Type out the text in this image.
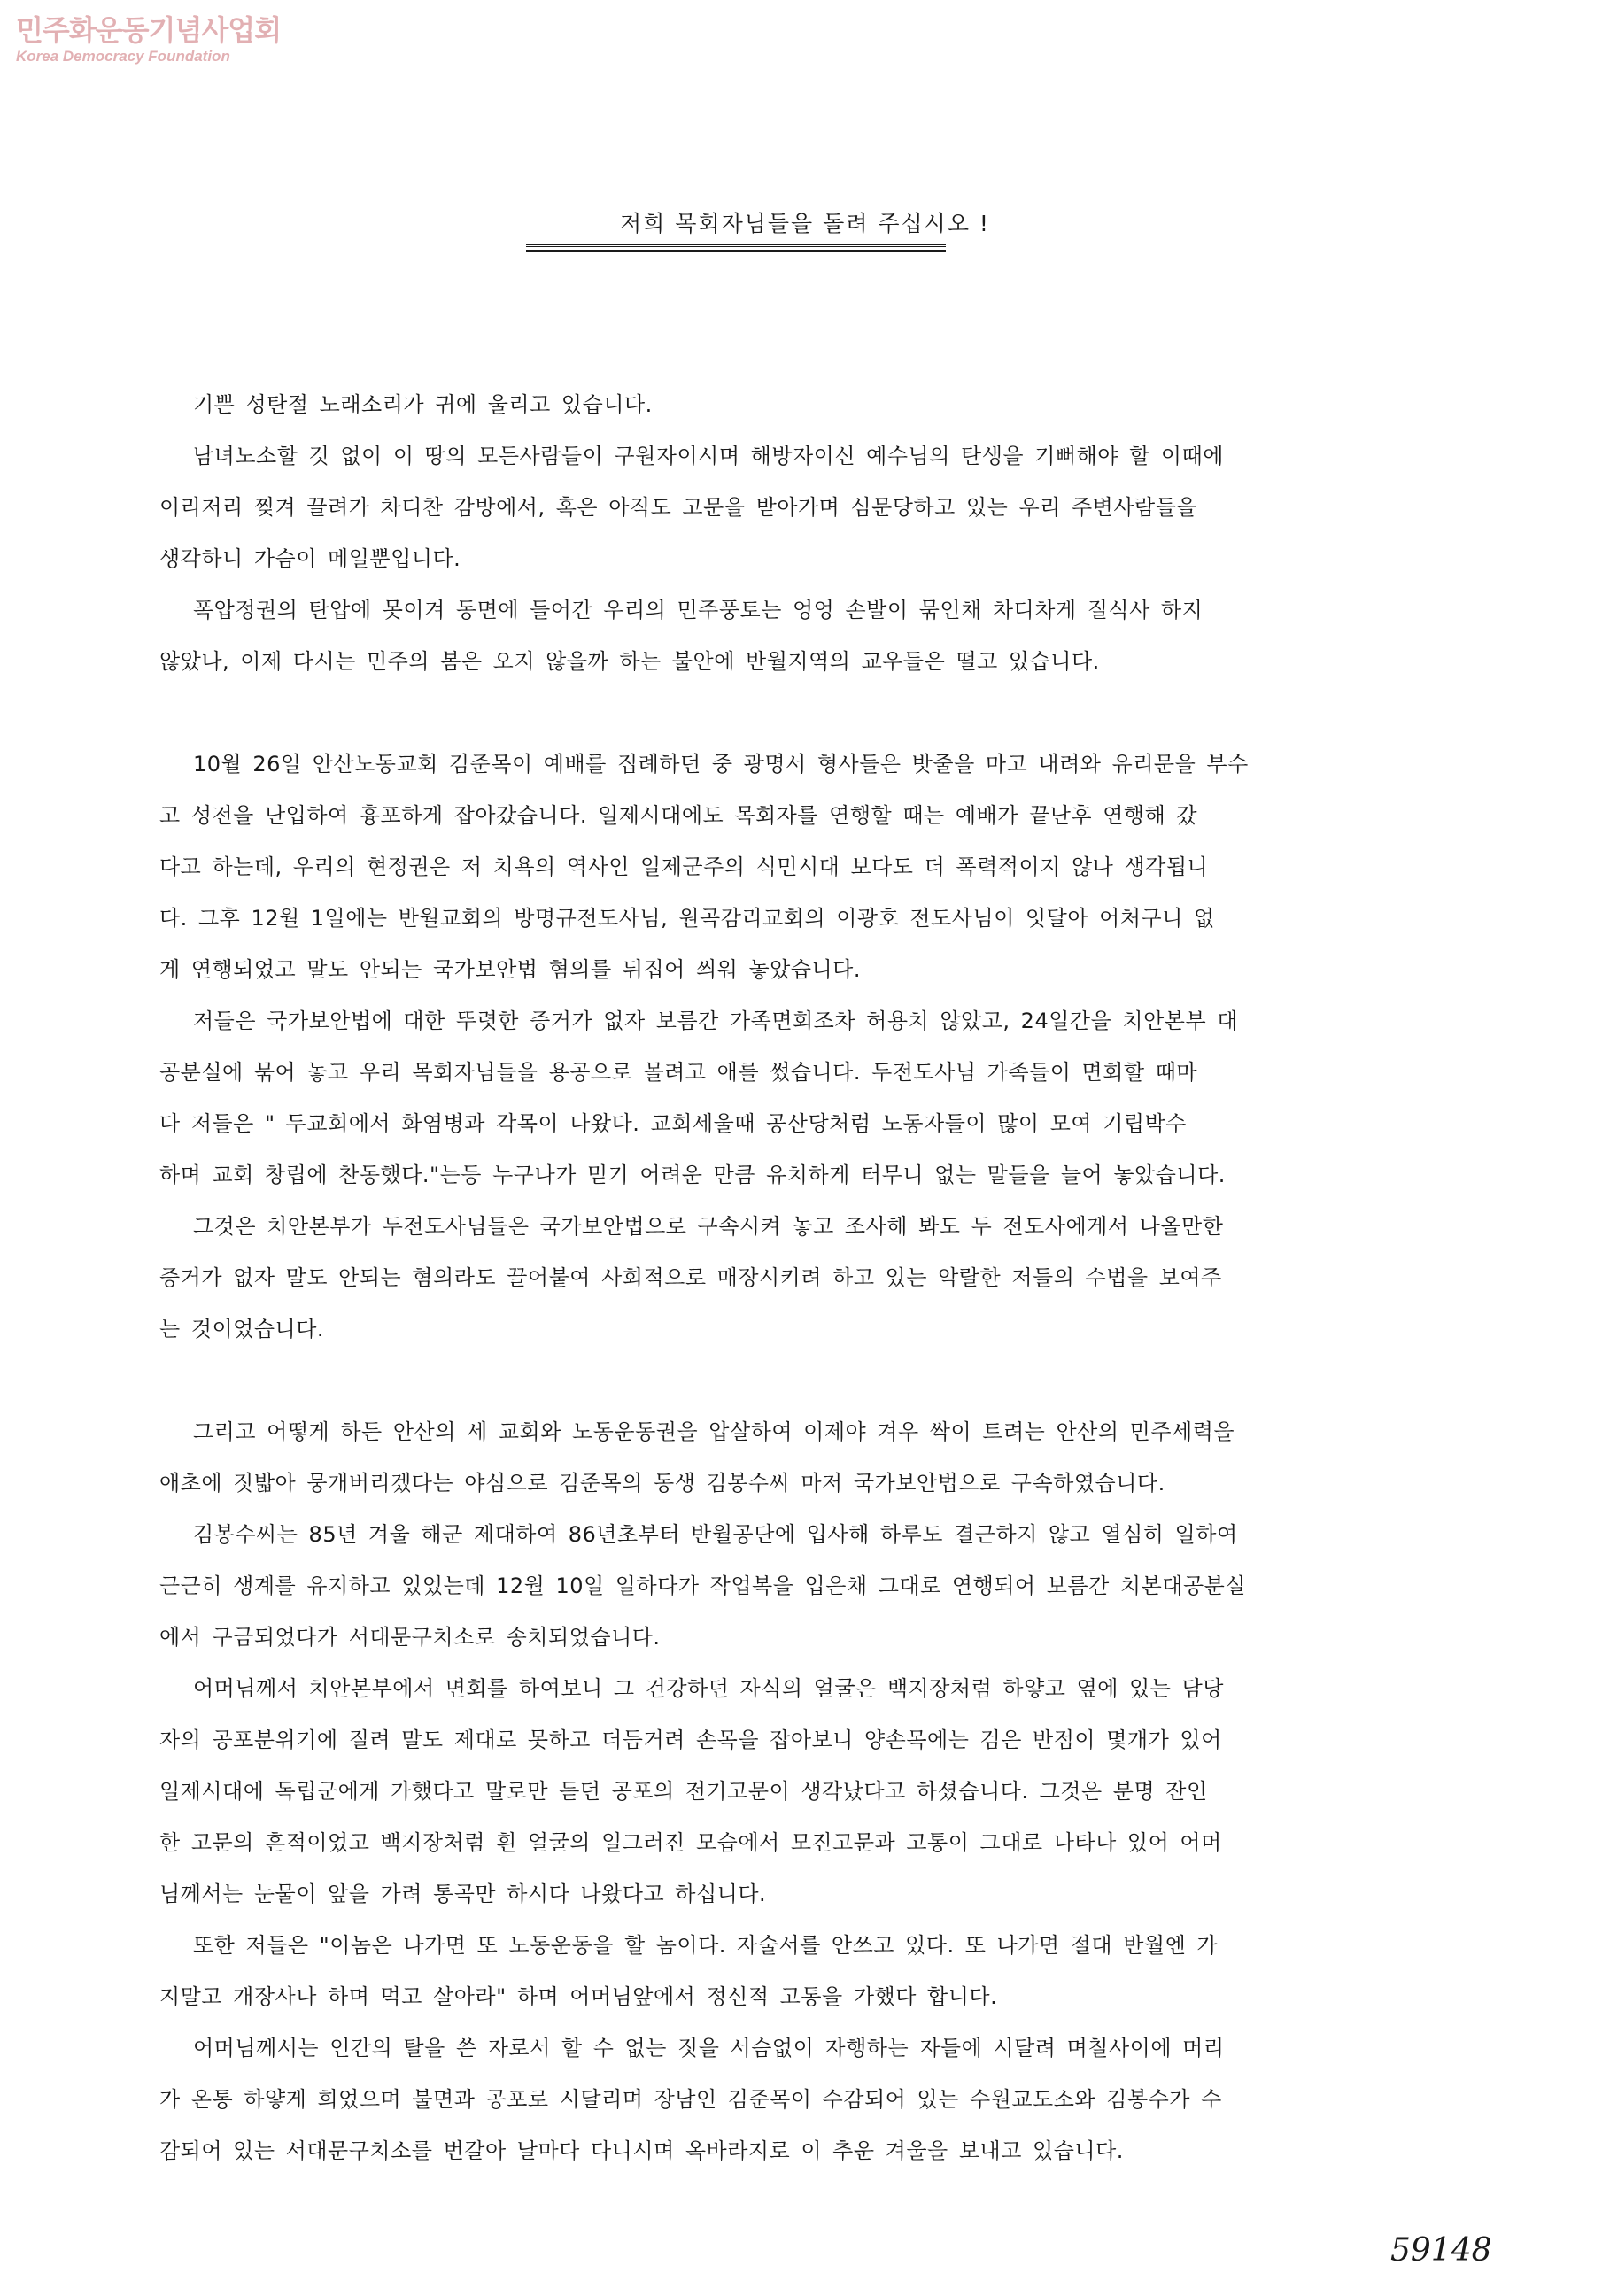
민주화운동기념사업회
Korea Democracy Foundation
저희 목회자님들을 돌려 주십시오 !
기쁜 성탄절 노래소리가 귀에 울리고 있습니다.
남녀노소할 것 없이 이 땅의 모든사람들이 구원자이시며 해방자이신 예수님의 탄생을 기뻐해야 할 이때에
이리저리 찢겨 끌려가 차디찬 감방에서, 혹은 아직도 고문을 받아가며 심문당하고 있는 우리 주변사람들을
생각하니 가슴이 메일뿐입니다.
폭압정권의 탄압에 못이겨 동면에 들어간 우리의 민주풍토는 엉엉 손발이 묶인채 차디차게 질식사 하지
않았나, 이제 다시는 민주의 봄은 오지 않을까 하는 불안에 반월지역의 교우들은 떨고 있습니다.
10월 26일 안산노동교회 김준목이 예배를 집례하던 중 광명서 형사들은 밧줄을 마고 내려와 유리문을 부수
고 성전을 난입하여 흉포하게 잡아갔습니다. 일제시대에도 목회자를 연행할 때는 예배가 끝난후 연행해 갔
다고 하는데, 우리의 현정권은 저 치욕의 역사인 일제군주의 식민시대 보다도 더 폭력적이지 않나 생각됩니
다. 그후 12월 1일에는 반월교회의 방명규전도사님, 원곡감리교회의 이광호 전도사님이 잇달아 어처구니 없
게 연행되었고 말도 안되는 국가보안법 혐의를 뒤집어 씌워 놓았습니다.
저들은 국가보안법에 대한 뚜렷한 증거가 없자 보름간 가족면회조차 허용치 않았고, 24일간을 치안본부 대
공분실에 묶어 놓고 우리 목회자님들을 용공으로 몰려고 애를 썼습니다. 두전도사님 가족들이 면회할 때마
다 저들은 " 두교회에서 화염병과 각목이 나왔다. 교회세울때 공산당처럼 노동자들이 많이 모여 기립박수
하며 교회 창립에 찬동했다."는등 누구나가 믿기 어려운 만큼 유치하게 터무니 없는 말들을 늘어 놓았습니다.
그것은 치안본부가 두전도사님들은 국가보안법으로 구속시켜 놓고 조사해 봐도 두 전도사에게서 나올만한
증거가 없자 말도 안되는 혐의라도 끌어붙여 사회적으로 매장시키려 하고 있는 악랄한 저들의 수법을 보여주
는 것이었습니다.
그리고 어떻게 하든 안산의 세 교회와 노동운동권을 압살하여 이제야 겨우 싹이 트려는 안산의 민주세력을
애초에 짓밟아 뭉개버리겠다는 야심으로 김준목의 동생 김봉수씨 마저 국가보안법으로 구속하였습니다.
김봉수씨는 85년 겨울 해군 제대하여 86년초부터 반월공단에 입사해 하루도 결근하지 않고 열심히 일하여
근근히 생계를 유지하고 있었는데 12월 10일 일하다가 작업복을 입은채 그대로 연행되어 보름간 치본대공분실
에서 구금되었다가 서대문구치소로 송치되었습니다.
어머님께서 치안본부에서 면회를 하여보니 그 건강하던 자식의 얼굴은 백지장처럼 하얗고 옆에 있는 담당
자의 공포분위기에 질려 말도 제대로 못하고 더듬거려 손목을 잡아보니 양손목에는 검은 반점이 몇개가 있어
일제시대에 독립군에게 가했다고 말로만 듣던 공포의 전기고문이 생각났다고 하셨습니다. 그것은 분명 잔인
한 고문의 흔적이었고 백지장처럼 흰 얼굴의 일그러진 모습에서 모진고문과 고통이 그대로 나타나 있어 어머
님께서는 눈물이 앞을 가려 통곡만 하시다 나왔다고 하십니다.
또한 저들은 "이놈은 나가면 또 노동운동을 할 놈이다. 자술서를 안쓰고 있다. 또 나가면 절대 반월엔 가
지말고 개장사나 하며 먹고 살아라" 하며 어머님앞에서 정신적 고통을 가했다 합니다.
어머님께서는 인간의 탈을 쓴 자로서 할 수 없는 짓을 서슴없이 자행하는 자들에 시달려 며칠사이에 머리
가 온통 하얗게 희었으며 불면과 공포로 시달리며 장남인 김준목이 수감되어 있는 수원교도소와 김봉수가 수
감되어 있는 서대문구치소를 번갈아 날마다 다니시며 옥바라지로 이 추운 겨울을 보내고 있습니다.
59148
